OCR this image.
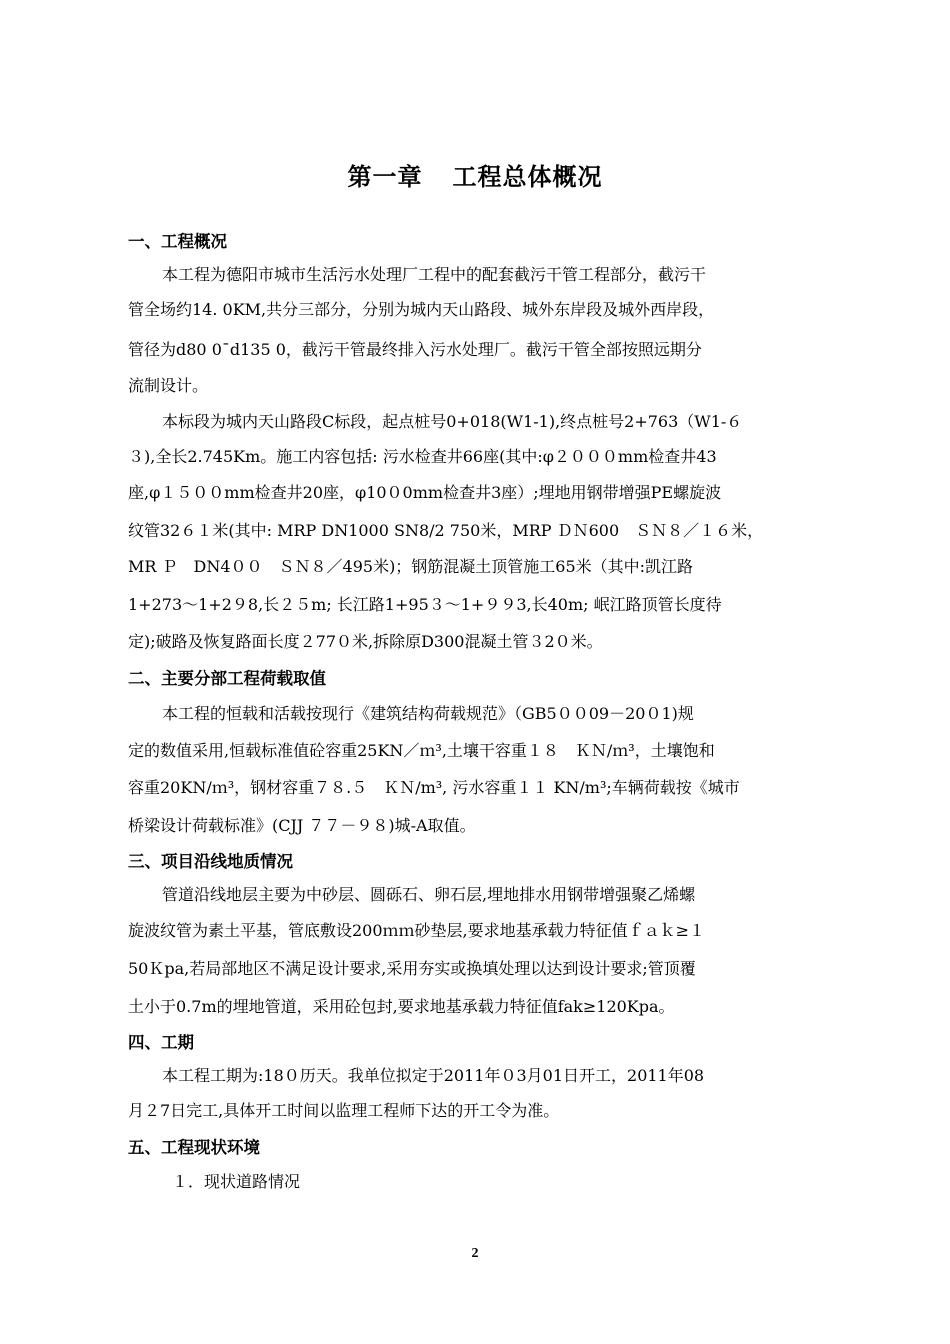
第一章 工程总体概况
一、工程概况
本工程为德阳市城市生活污水处理厂工程中的配套截污干管工程部分，截污干
管全场约14. 0KM,共分三部分，分别为城内天山路段、城外东岸段及城外西岸段，
管径为d80 0¯d135 0，截污干管最终排入污水处理厂。截污干管全部按照远期分
流制设计。
本标段为城内天山路段C标段，起点桩号0+018(W1-1),终点桩号2+763（W1-６
３),全长2.745Km。施工内容包括: 污水检查井66座(其中:φ２０００mm检查井43
座,φ１５００mm检查井20座，φ10０0mm检查井3座）;埋地用钢带增强PE螺旋波
纹管32６１米(其中: MRP DN1000 SN8/2 750米，MRP ＤＮ600　ＳＮ８／１６米，
MR Ｐ　DN4００　ＳＮ８／495米)；钢筋混凝土顶管施工65米（其中:凯江路
1+273～1+2９8,长２５m; 长江路1+95３～1+９９3,长40m; 岷江路顶管长度待
定);破路及恢复路面长度２77０米,拆除原D300混凝土管３2０米。
二、主要分部工程荷载取值
本工程的恒载和活载按现行《建筑结构荷载规范》（GB5００09－20０1)规
定的数值采用,恒载标准值砼容重25KN／ｍ³,土壤干容重１８　ＫＮ/ｍ³，土壤饱和
容重20KN/ｍ³，钢材容重７８.５　ＫＮ/m³, 污水容重１１ KN/m³;车辆荷载按《城市
桥梁设计荷载标准》(CJJ ７７－９８)城-A取值。
三、项目沿线地质情况
管道沿线地层主要为中砂层、圆砾石、卵石层,埋地排水用钢带增强聚乙烯螺
旋波纹管为素土平基，管底敷设200ｍｍ砂垫层,要求地基承载力特征值ｆａｋ≥１
50Ｋpa,若局部地区不满足设计要求,采用夯实或换填处理以达到设计要求;管顶覆
土小于0.7m的埋地管道，采用砼包封,要求地基承载力特征值fak≥120Kpa。
四、工期
本工程工期为:18０历天。我单位拟定于2011年０3月01日开工，2011年08
月２7日完工,具体开工时间以监理工程师下达的开工令为准。
五、工程现状环境
１．现状道路情况
2
